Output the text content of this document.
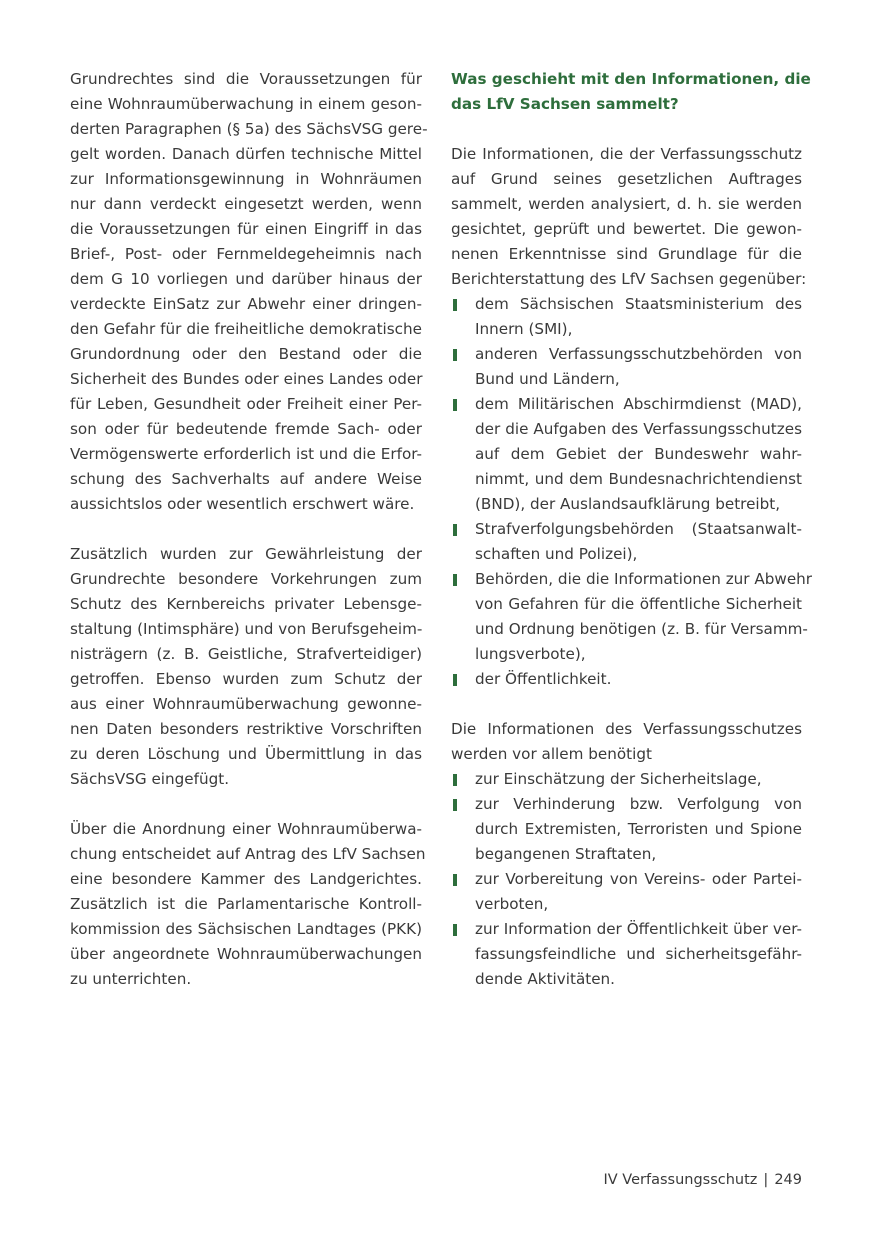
Grundrechtes sind die Voraussetzungen für
eine Wohnraumüberwachung in einem geson-
derten Paragraphen (§ 5a) des SächsVSG gere-
gelt worden. Danach dürfen technische Mittel
zur Informationsgewinnung in Wohnräumen
nur dann verdeckt eingesetzt werden, wenn
die Voraussetzungen für einen Eingriff in das
Brief-, Post- oder Fernmeldegeheimnis nach
dem G 10 vorliegen und darüber hinaus der
verdeckte EinSatz zur Abwehr einer dringen-
den Gefahr für die freiheitliche demokratische
Grundordnung oder den Bestand oder die
Sicherheit des Bundes oder eines Landes oder
für Leben, Gesundheit oder Freiheit einer Per-
son oder für bedeutende fremde Sach- oder
Vermögenswerte erforderlich ist und die Erfor-
schung des Sachverhalts auf andere Weise
aussichtslos oder wesentlich erschwert wäre.
Zusätzlich wurden zur Gewährleistung der
Grundrechte besondere Vorkehrungen zum
Schutz des Kernbereichs privater Lebensge-
staltung (Intimsphäre) und von Berufsgeheim-
nisträgern (z. B. Geistliche, Strafverteidiger)
getroffen. Ebenso wurden zum Schutz der
aus einer Wohnraumüberwachung gewonne-
nen Daten besonders restriktive Vorschriften
zu deren Löschung und Übermittlung in das
SächsVSG eingefügt.
Über die Anordnung einer Wohnraumüberwa-
chung entscheidet auf Antrag des LfV Sachsen
eine besondere Kammer des Landgerichtes.
Zusätzlich ist die Parlamentarische Kontroll-
kommission des Sächsischen Landtages (PKK)
über angeordnete Wohnraumüberwachungen
zu unterrichten.
Was geschieht mit den Informationen, die
das LfV Sachsen sammelt?
Die Informationen, die der Verfassungsschutz
auf Grund seines gesetzlichen Auftrages
sammelt, werden analysiert, d. h. sie werden
gesichtet, geprüft und bewertet. Die gewon-
nenen Erkenntnisse sind Grundlage für die
Berichterstattung des LfV Sachsen gegenüber:
dem Sächsischen Staatsministerium des
Innern (SMI),
anderen Verfassungsschutzbehörden von
Bund und Ländern,
dem Militärischen Abschirmdienst (MAD),
der die Aufgaben des Verfassungsschutzes
auf dem Gebiet der Bundeswehr wahr-
nimmt, und dem Bundesnachrichtendienst
(BND), der Auslandsaufklärung betreibt,
Strafverfolgungsbehörden (Staatsanwalt-
schaften und Polizei),
Behörden, die die Informationen zur Abwehr
von Gefahren für die öffentliche Sicherheit
und Ordnung benötigen (z. B. für Versamm-
lungsverbote),
der Öffentlichkeit.
Die Informationen des Verfassungsschutzes
werden vor allem benötigt
zur Einschätzung der Sicherheitslage,
zur Verhinderung bzw. Verfolgung von
durch Extremisten, Terroristen und Spione
begangenen Straftaten,
zur Vorbereitung von Vereins- oder Partei-
verboten,
zur Information der Öffentlichkeit über ver-
fassungsfeindliche und sicherheitsgefähr-
dende Aktivitäten.
IV Verfassungsschutz | 249
